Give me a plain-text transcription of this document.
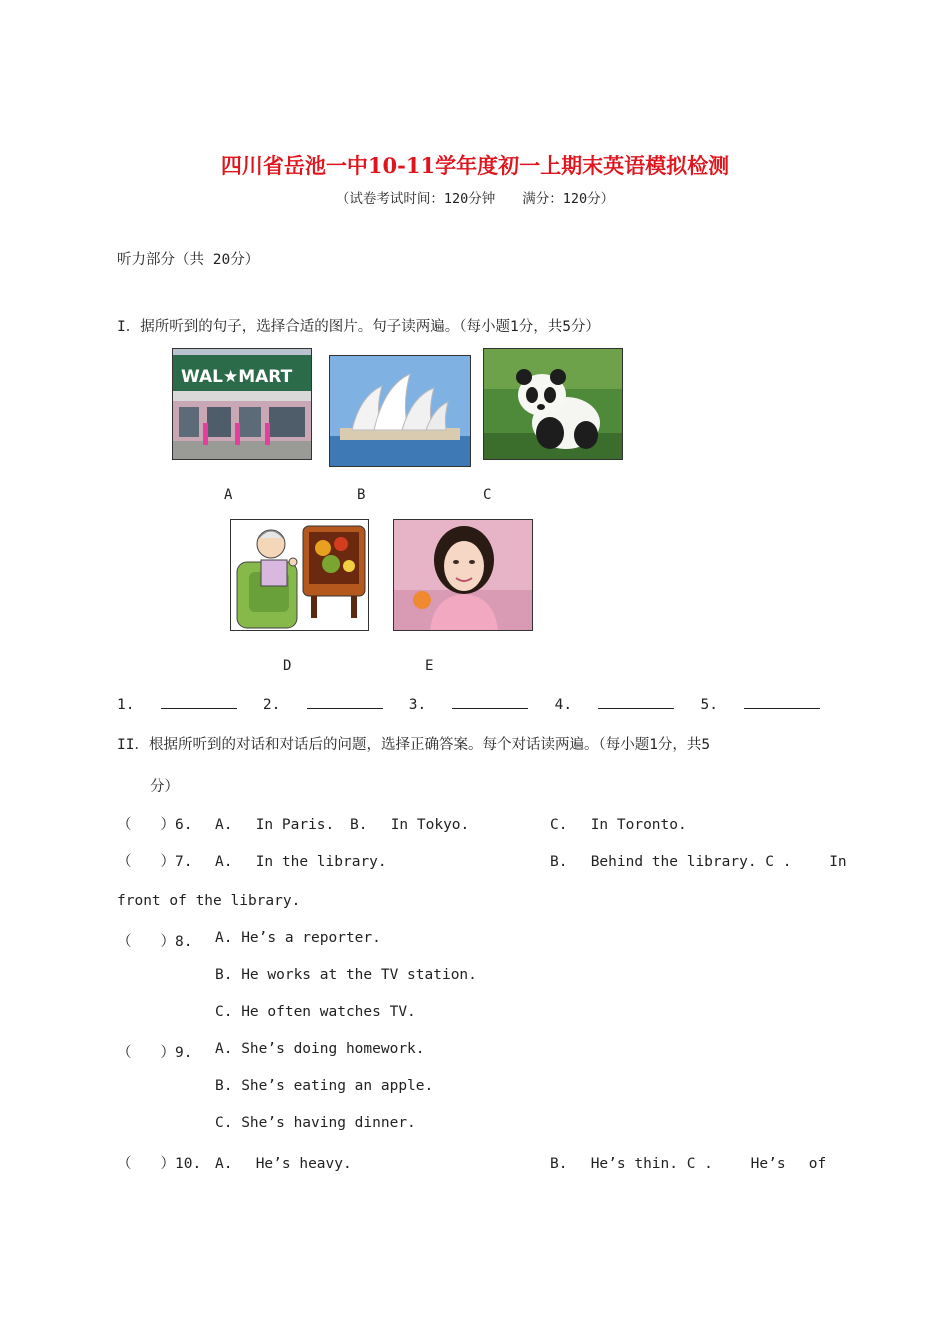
四川省岳池一中10-11学年度初一上期末英语模拟检测
（试卷考试时间：120分钟　　满分：120分）
听力部分（共 20分）
I．据所听到的句子，选择合适的图片。句子读两遍。（每小题1分，共5分）
WAL★MART
A	B	C
D	E
1.	2.	3.	4.	5.
II．根据所听到的对话和对话后的问题，选择正确答案。每个对话读两遍。（每小题1分，共5
分）
（　　）6. A.　 In Paris. B.　 In Tokyo.	C.　 In Toronto.
（　　）7. A.　 In the library.	B.　 Behind the library. C .　　 In
front of the library.
（　　）8. A. He’s a reporter.
B. He works at the TV station.
C. He often watches TV.
（　　）9. A. She’s doing homework.
B. She’s eating an apple.
C. She’s having dinner.
（　　）10. A.　 He’s heavy.	B.　 He’s thin. C .　　 He’s　 of
